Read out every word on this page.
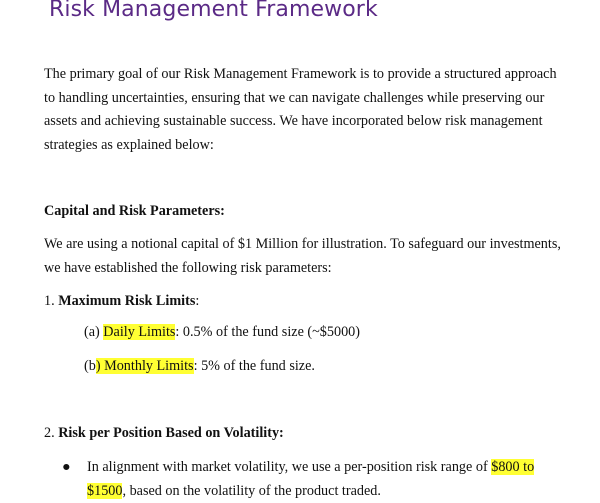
Risk Management Framework

The primary goal of our Risk Management Framework is to provide a structured approach to handling uncertainties, ensuring that we can navigate challenges while preserving our assets and achieving sustainable success. We have incorporated below risk management strategies as explained below:

Capital and Risk Parameters:

We are using a notional capital of $1 Million for illustration. To safeguard our investments, we have established the following risk parameters:

1. Maximum Risk Limits:

(a) Daily Limits: 0.5% of the fund size (~$5000)

(b) Monthly Limits: 5% of the fund size.

2. Risk per Position Based on Volatility:

● In alignment with market volatility, we use a per-position risk range of $800 to $1500, based on the volatility of the product traded.
